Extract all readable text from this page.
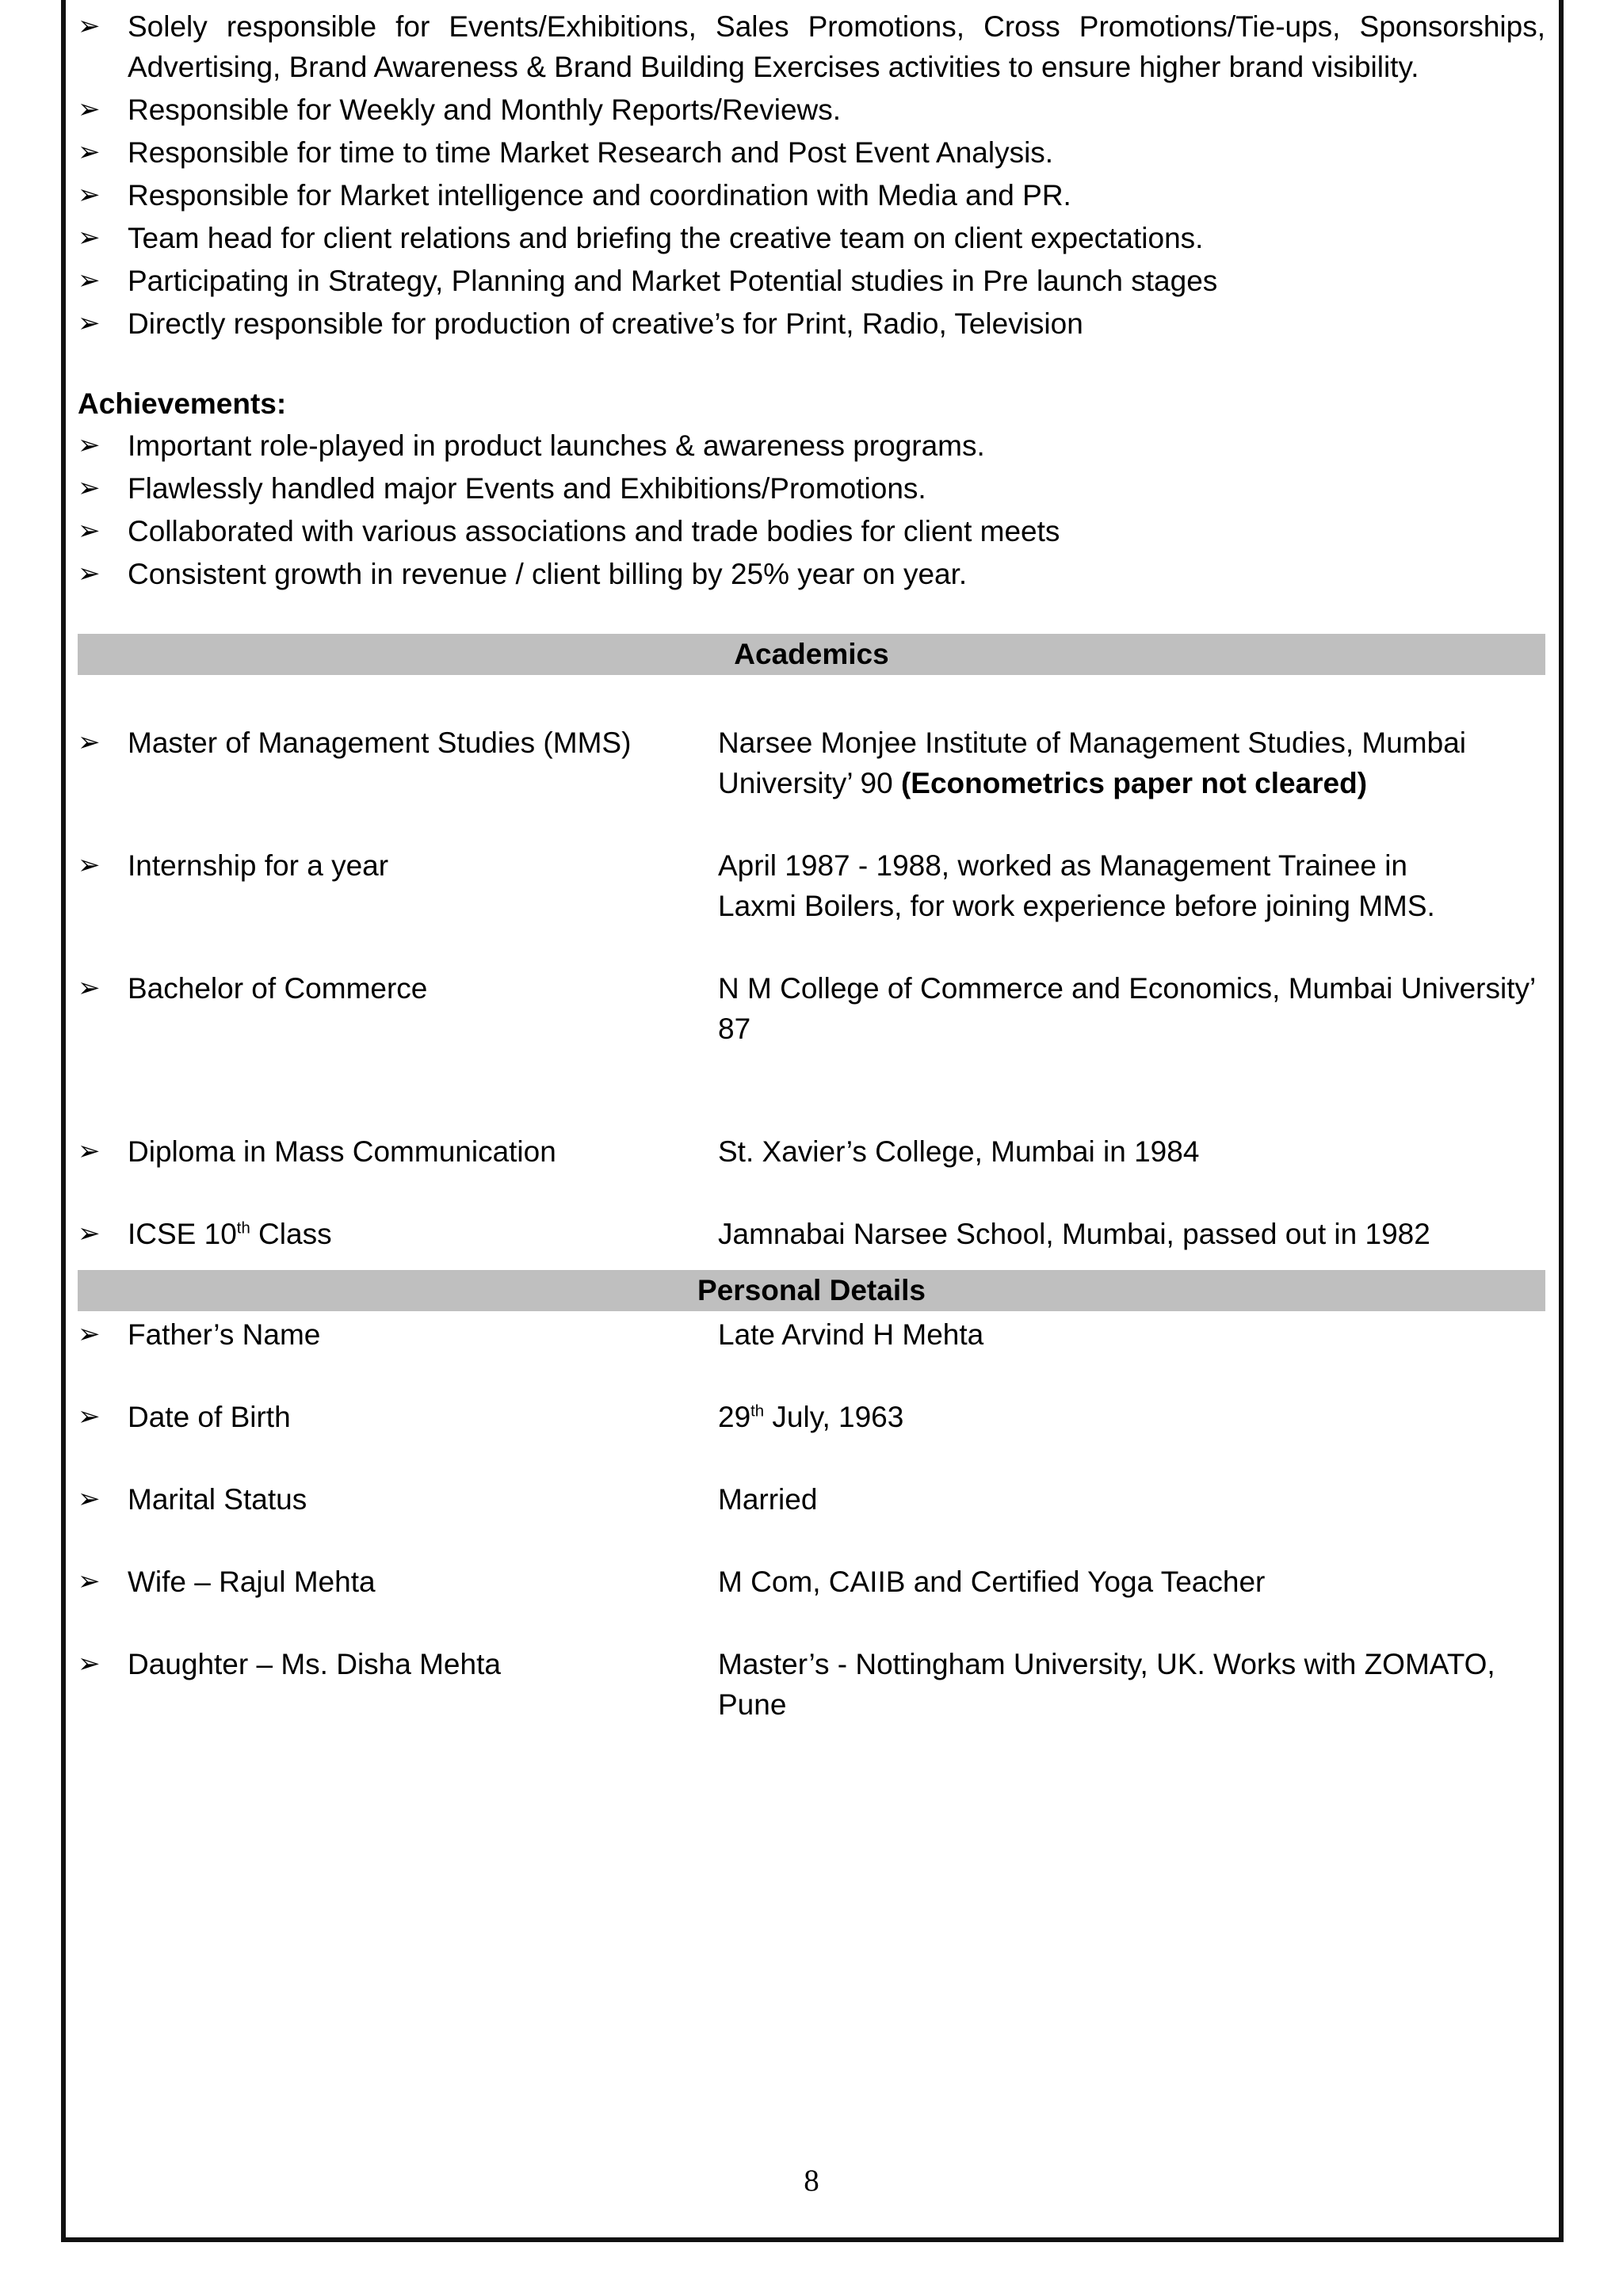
➢ Solely responsible for Events/Exhibitions, Sales Promotions, Cross Promotions/Tie-ups, Sponsorships, Advertising, Brand Awareness & Brand Building Exercises activities to ensure higher brand visibility.
➢ Responsible for Weekly and Monthly Reports/Reviews.
➢ Responsible for time to time Market Research and Post Event Analysis.
➢ Responsible for Market intelligence and coordination with Media and PR.
➢ Team head for client relations and briefing the creative team on client expectations.
➢ Participating in Strategy, Planning and Market Potential studies in Pre launch stages
➢ Directly responsible for production of creative’s for Print, Radio, Television
Achievements:
➢ Important role-played in product launches & awareness programs.
➢ Flawlessly handled major Events and Exhibitions/Promotions.
➢ Collaborated with various associations and trade bodies for client meets
➢ Consistent growth in revenue / client billing by 25% year on year.
Academics
➢ Master of Management Studies (MMS)	Narsee Monjee Institute of Management Studies, Mumbai
University’ 90 (Econometrics paper not cleared)
➢ Internship for a year	April 1987 - 1988, worked as Management Trainee in
Laxmi Boilers, for work experience before joining MMS.
➢ Bachelor of Commerce	N M College of Commerce and Economics, Mumbai University’ 87
➢ Diploma in Mass Communication	St. Xavier’s College, Mumbai in 1984
➢ ICSE 10th Class	Jamnabai Narsee School, Mumbai, passed out in 1982
Personal Details
➢ Father’s Name	Late Arvind H Mehta
➢ Date of Birth	29th July, 1963
➢ Marital Status	Married
➢ Wife – Rajul Mehta	M Com, CAIIB and Certified Yoga Teacher
➢ Daughter – Ms. Disha Mehta	Master’s - Nottingham University, UK. Works with ZOMATO, Pune
8
